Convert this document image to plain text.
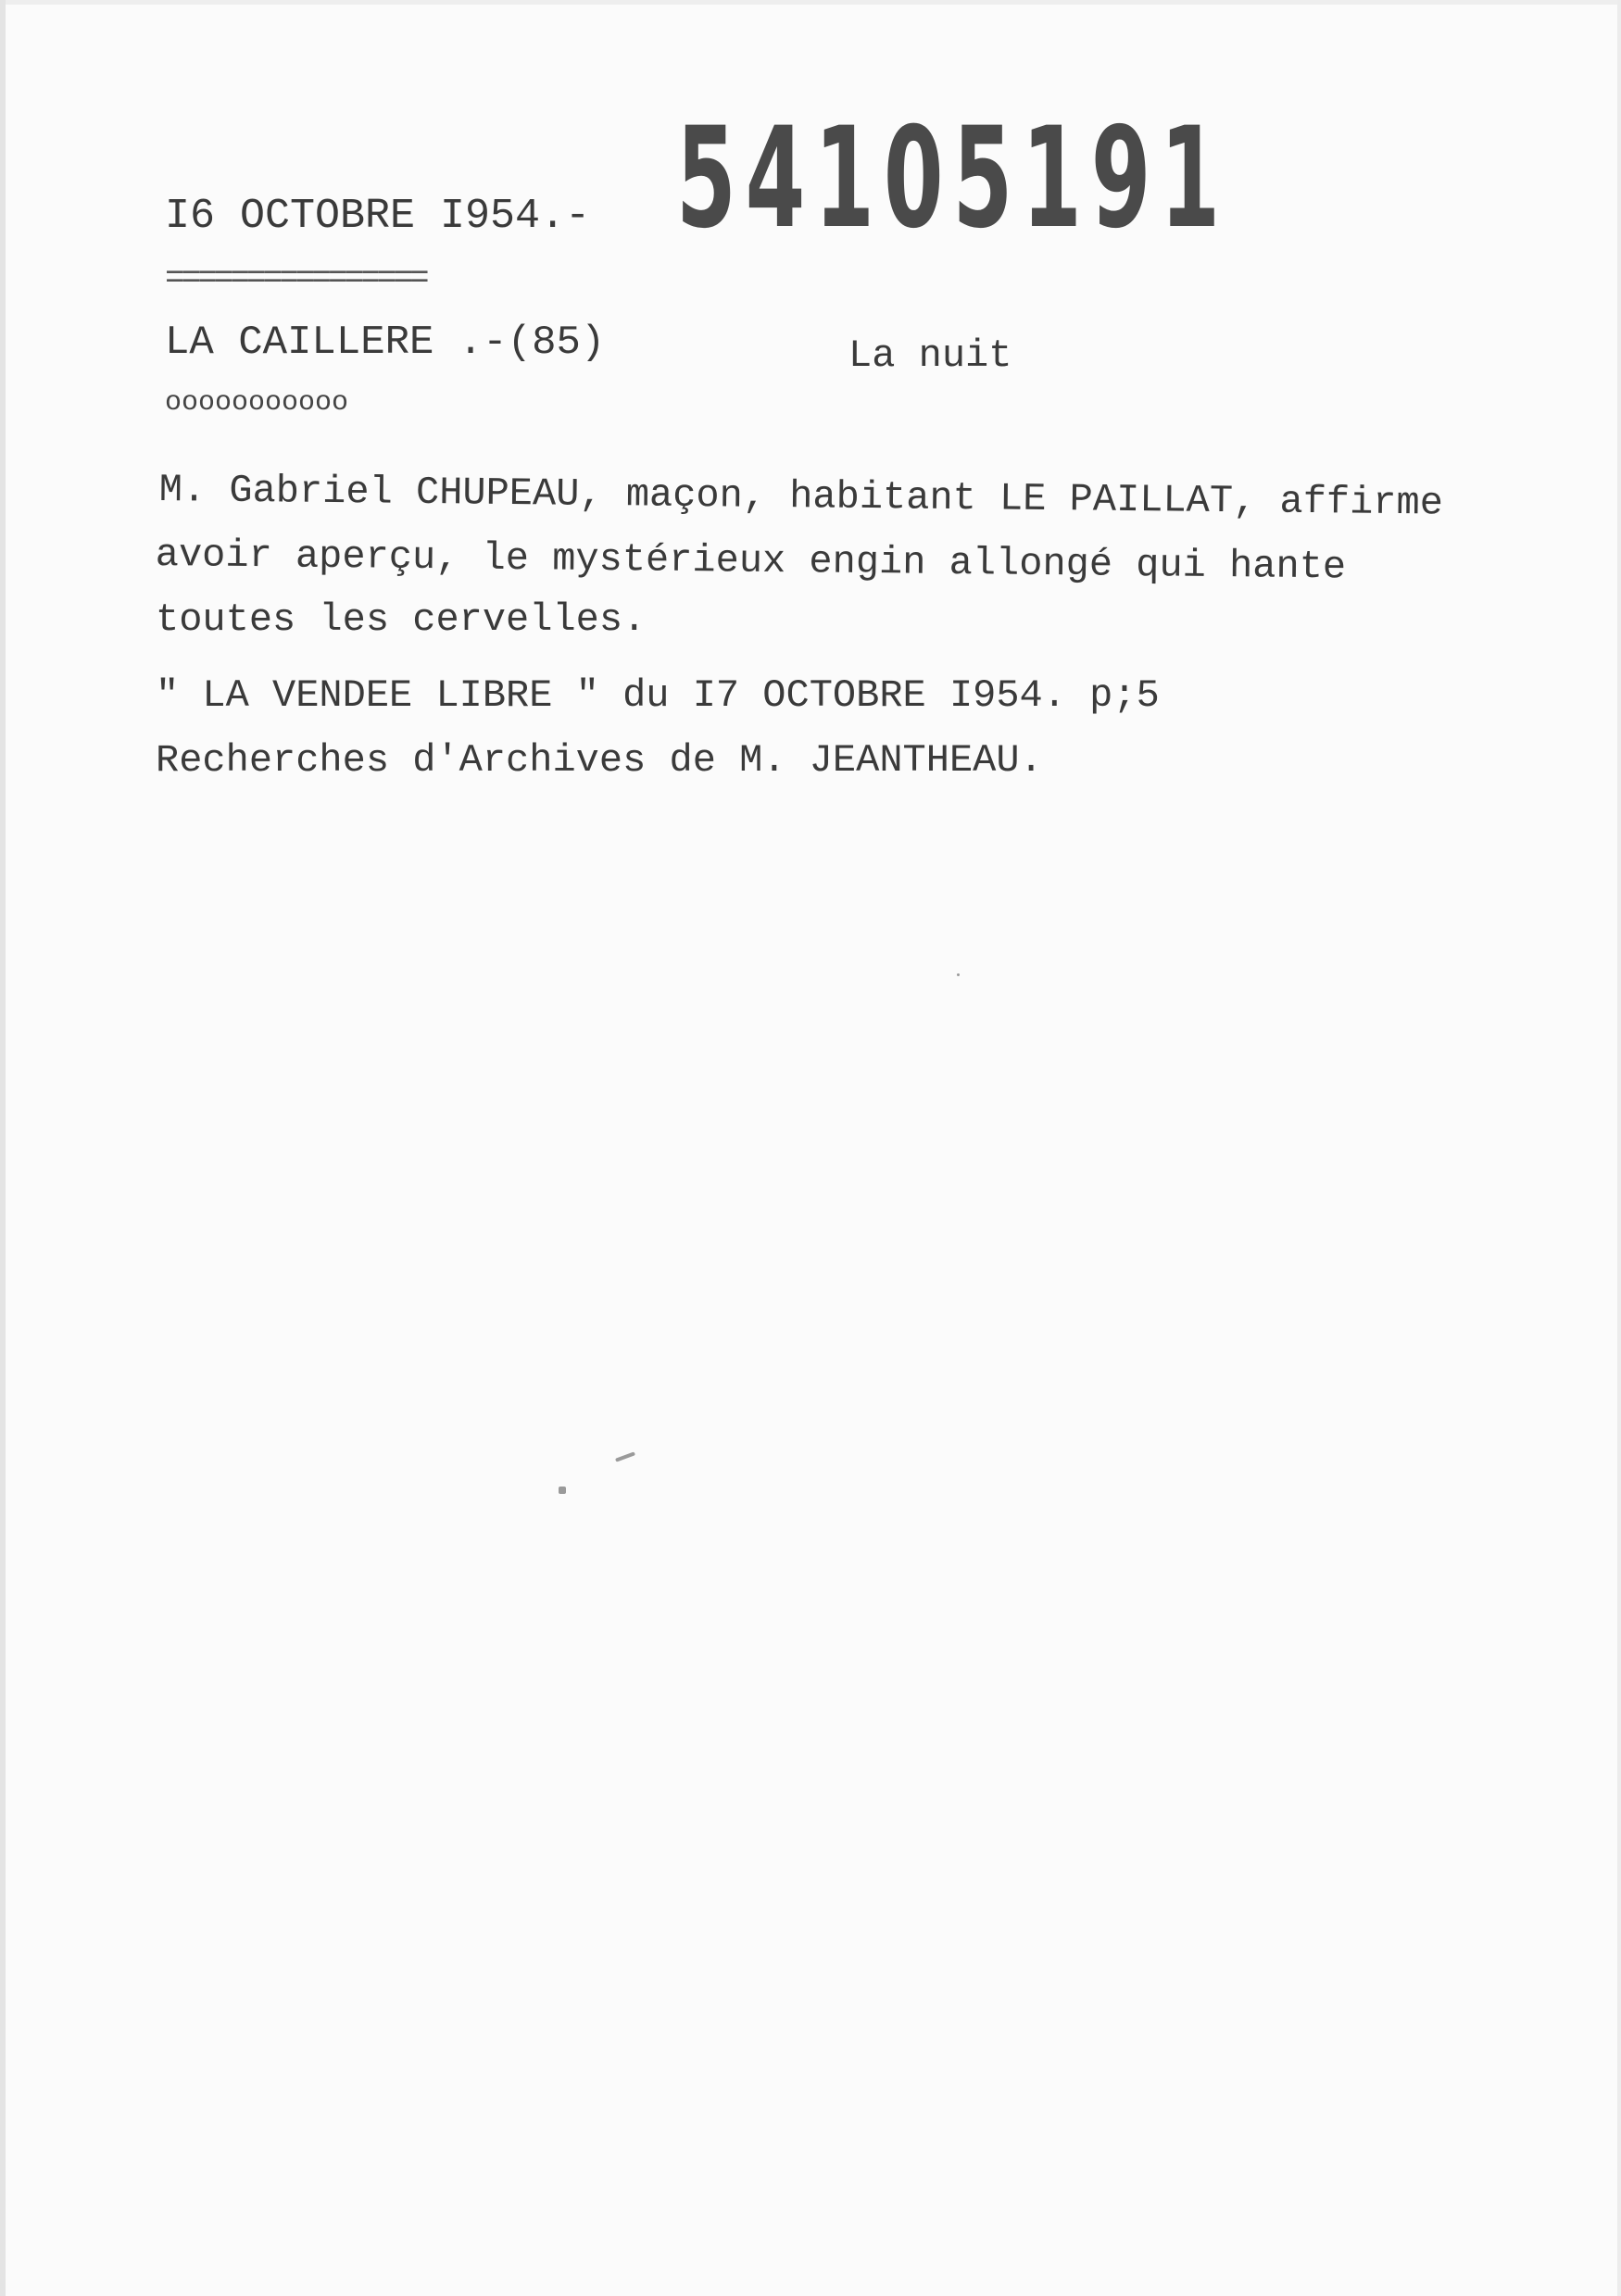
54105191
I6 OCTOBRE I954.-
================
LA CAILLERE .-(85)	La nuit
ooooooooooo
M. Gabriel CHUPEAU, maçon, habitant LE PAILLAT, affirme
avoir aperçu, le mystérieux engin allongé qui hante
toutes les cervelles.
" LA VENDEE LIBRE " du I7 OCTOBRE I954. p;5
Recherches d'Archives de M. JEANTHEAU.
